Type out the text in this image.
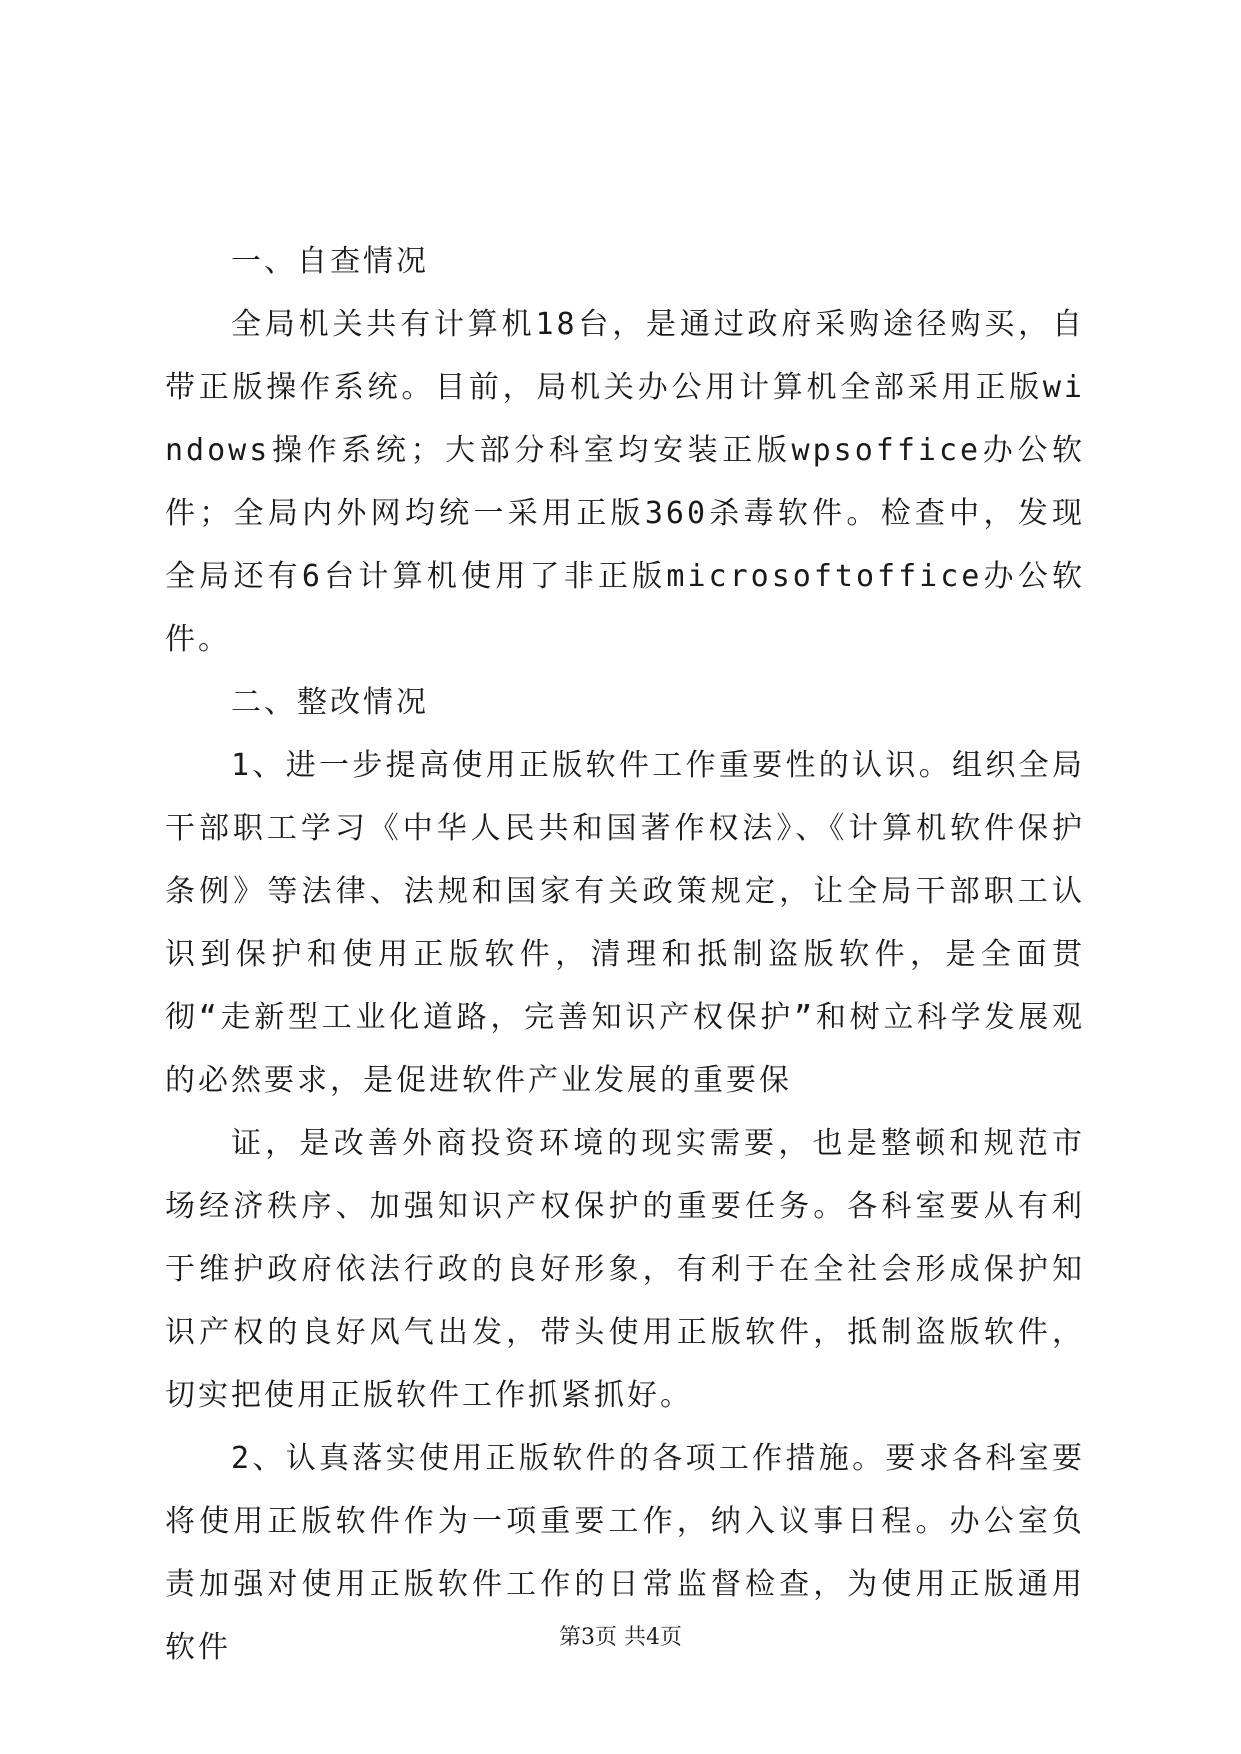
一、自查情况

全局机关共有计算机18台，是通过政府采购途径购买，自带正版操作系统。目前，局机关办公用计算机全部采用正版windows操作系统；大部分科室均安装正版wpsoffice办公软件；全局内外网均统一采用正版360杀毒软件。检查中，发现全局还有6台计算机使用了非正版microsoftoffice办公软件。

二、整改情况

1、进一步提高使用正版软件工作重要性的认识。组织全局干部职工学习《中华人民共和国著作权法》、《计算机软件保护条例》等法律、法规和国家有关政策规定，让全局干部职工认识到保护和使用正版软件，清理和抵制盗版软件，是全面贯彻“走新型工业化道路，完善知识产权保护”和树立科学发展观的必然要求，是促进软件产业发展的重要保

证，是改善外商投资环境的现实需要，也是整顿和规范市场经济秩序、加强知识产权保护的重要任务。各科室要从有利于维护政府依法行政的良好形象，有利于在全社会形成保护知识产权的良好风气出发，带头使用正版软件，抵制盗版软件，切实把使用正版软件工作抓紧抓好。

2、认真落实使用正版软件的各项工作措施。要求各科室要将使用正版软件作为一项重要工作，纳入议事日程。办公室负责加强对使用正版软件工作的日常监督检查，为使用正版通用软件	第3页 共4页
